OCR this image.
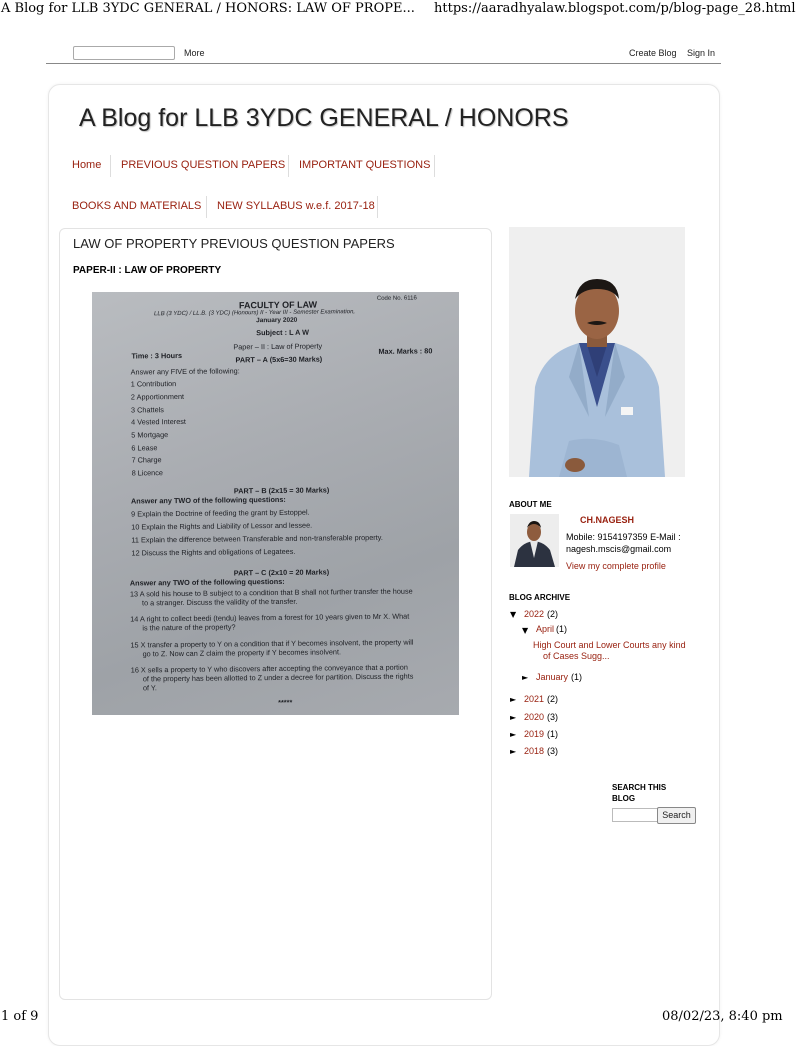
A Blog for LLB 3YDC GENERAL / HONORS: LAW OF PROPE... https://aaradhyalaw.blogspot.com/p/blog-page_28.html
More	Create Blog Sign In
A Blog for LLB 3YDC GENERAL / HONORS
Home PREVIOUS QUESTION PAPERS IMPORTANT QUESTIONS
BOOKS AND MATERIALS NEW SYLLABUS w.e.f. 2017-18
LAW OF PROPERTY PREVIOUS QUESTION PAPERS
PAPER-II : LAW OF PROPERTY
Code No. 6116
FACULTY OF LAW
LLB (3 YDC) / LL.B. (3 YDC) (Honours) II - Year III - Semester Examination,
January 2020
Subject : L A W
Paper – II : Law of Property
Time : 3 Hours	PART – A (5x6=30 Marks)
Max. Marks : 80
Answer any FIVE of the following:
1 Contribution
2 Apportionment
3 Chattels
4 Vested Interest
5 Mortgage
6 Lease
7 Charge
8 Licence
PART – B (2x15 = 30 Marks)
Answer any TWO of the following questions:
9 Explain the Doctrine of feeding the grant by Estoppel.
10 Explain the Rights and Liability of Lessor and lessee.
11 Explain the difference between Transferable and non-transferable property.
12 Discuss the Rights and obligations of Legatees.
PART – C (2x10 = 20 Marks)
Answer any TWO of the following questions:
13 A sold his house to B subject to a condition that B shall not further transfer the house
to a stranger. Discuss the validity of the transfer.
14 A right to collect beedi (tendu) leaves from a forest for 10 years given to Mr X. What
is the nature of the property?
15 X transfer a property to Y on a condition that if Y becomes insolvent, the property will
go to Z. Now can Z claim the property if Y becomes insolvent.
16 X sells a property to Y who discovers after accepting the conveyance that a portion
of the property has been allotted to Z under a decree for partition. Discuss the rights
of Y.
*****
ABOUT ME
CH.NAGESH
Mobile: 9154197359 E-Mail :
nagesh.mscis@gmail.com
View my complete profile
BLOG ARCHIVE
▼ 2022 (2)
▼ April (1)
High Court and Lower Courts any kind
of Cases Sugg...
► January (1)
► 2021 (2)
► 2020 (3)
► 2019 (1)
► 2018 (3)
SEARCH THIS
BLOG
Search
1 of 9	08/02/23, 8:40 pm
